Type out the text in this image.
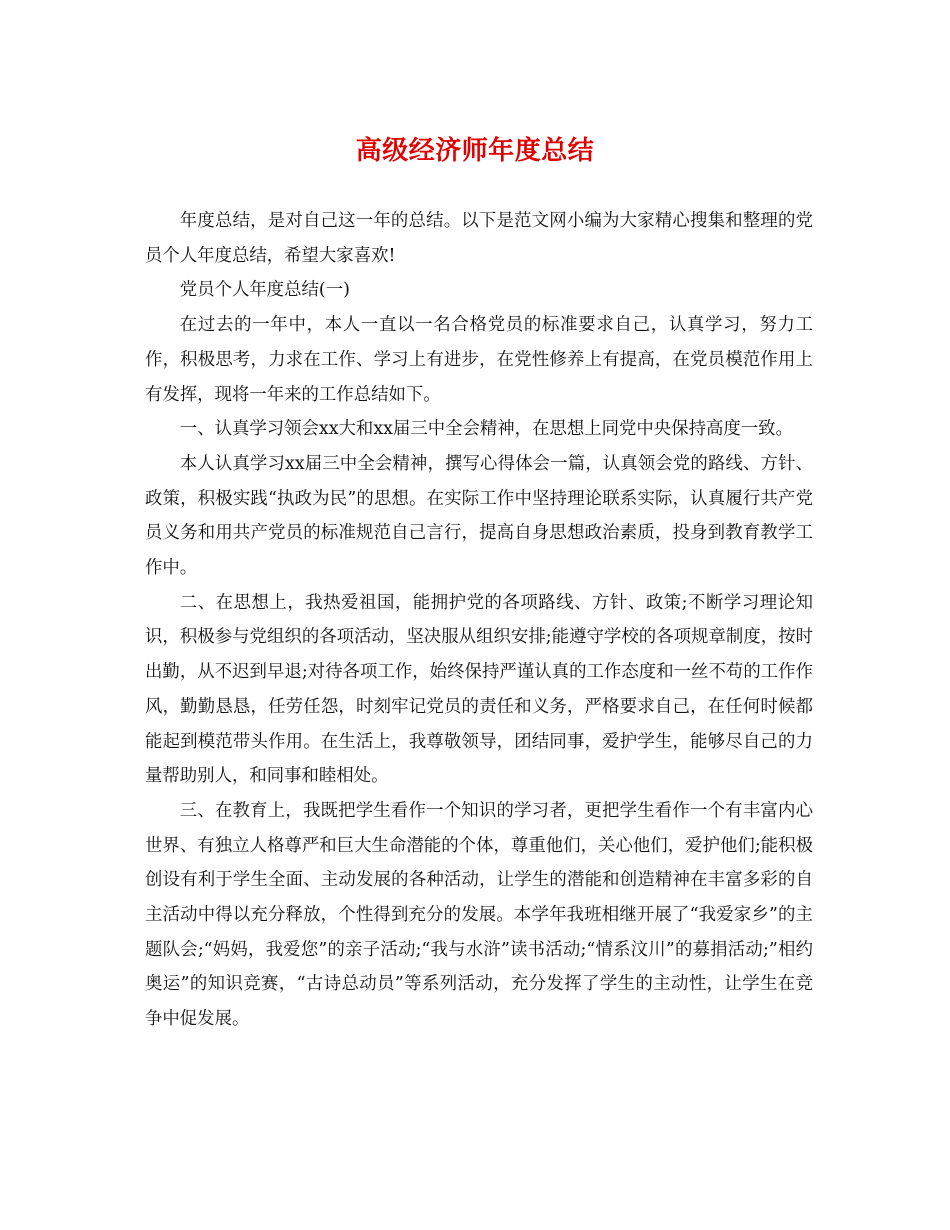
高级经济师年度总结

年度总结，是对自己这一年的总结。以下是范文网小编为大家精心搜集和整理的党员个人年度总结，希望大家喜欢!

党员个人年度总结(一)

在过去的一年中，本人一直以一名合格党员的标准要求自己，认真学习，努力工作，积极思考，力求在工作、学习上有进步，在党性修养上有提高，在党员模范作用上有发挥，现将一年来的工作总结如下。

一、认真学习领会xx大和xx届三中全会精神，在思想上同党中央保持高度一致。

本人认真学习xx届三中全会精神，撰写心得体会一篇，认真领会党的路线、方针、政策，积极实践“执政为民”的思想。在实际工作中坚持理论联系实际，认真履行共产党员义务和用共产党员的标准规范自己言行，提高自身思想政治素质，投身到教育教学工作中。

二、在思想上，我热爱祖国，能拥护党的各项路线、方针、政策;不断学习理论知识，积极参与党组织的各项活动，坚决服从组织安排;能遵守学校的各项规章制度，按时出勤，从不迟到早退;对待各项工作，始终保持严谨认真的工作态度和一丝不苟的工作作风，勤勤恳恳，任劳任怨，时刻牢记党员的责任和义务，严格要求自己，在任何时候都能起到模范带头作用。在生活上，我尊敬领导，团结同事，爱护学生，能够尽自己的力量帮助别人，和同事和睦相处。

三、在教育上，我既把学生看作一个知识的学习者，更把学生看作一个有丰富内心世界、有独立人格尊严和巨大生命潜能的个体，尊重他们，关心他们，爱护他们;能积极创设有利于学生全面、主动发展的各种活动，让学生的潜能和创造精神在丰富多彩的自主活动中得以充分释放，个性得到充分的发展。本学年我班相继开展了“我爱家乡”的主题队会;“妈妈，我爱您”的亲子活动;“我与水浒”读书活动;“情系汶川”的募捐活动;”相约奥运”的知识竞赛，“古诗总动员”等系列活动，充分发挥了学生的主动性，让学生在竞争中促发展。
